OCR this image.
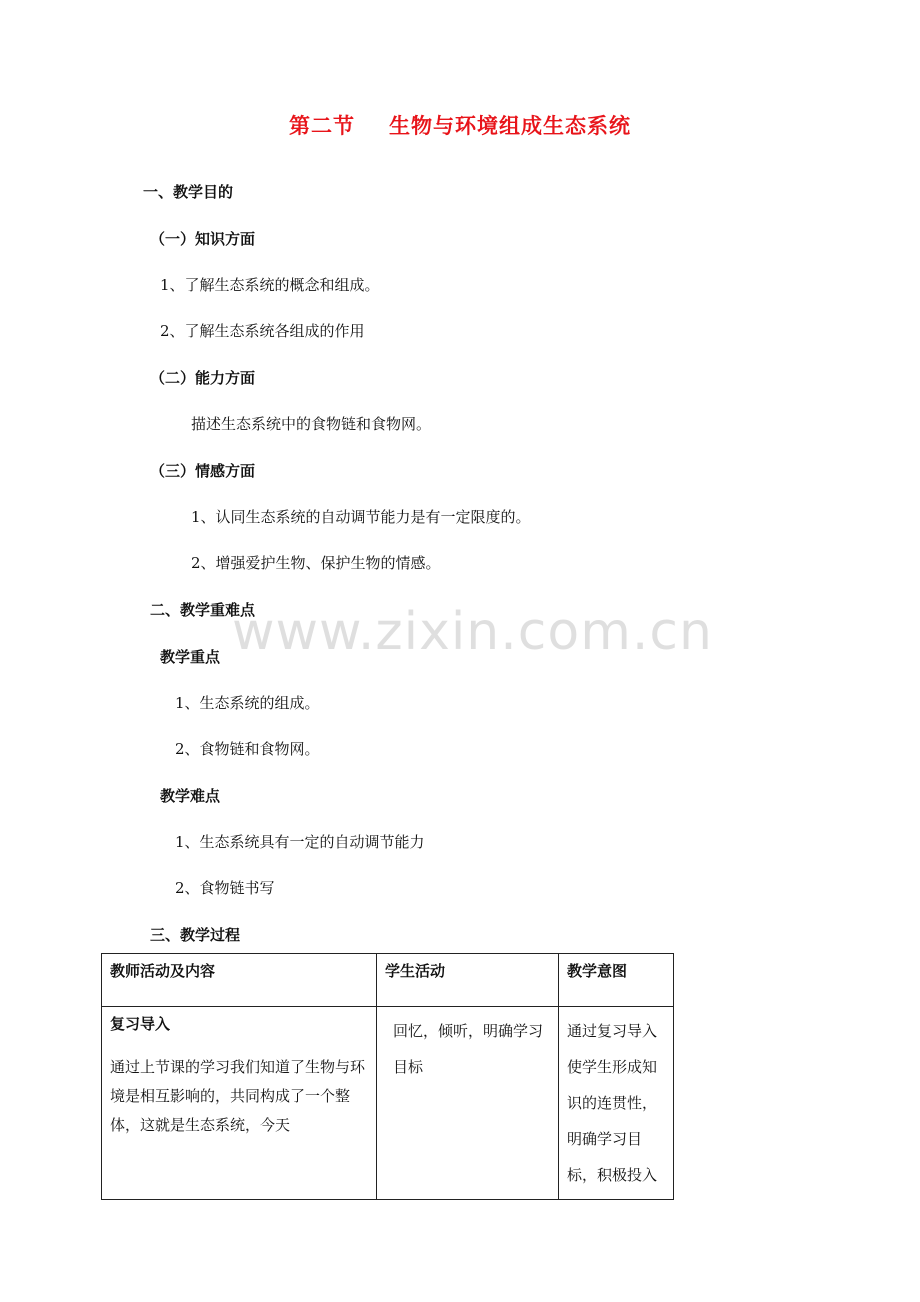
第二节 生物与环境组成生态系统
一、教学目的
（一）知识方面
1、了解生态系统的概念和组成。
2、了解生态系统各组成的作用
（二）能力方面
描述生态系统中的食物链和食物网。
（三）情感方面
1、认同生态系统的自动调节能力是有一定限度的。
2、增强爱护生物、保护生物的情感。
二、教学重难点
www.zixin.com.cn
教学重点
1、生态系统的组成。
2、食物链和食物网。
教学难点
1、生态系统具有一定的自动调节能力
2、食物链书写
三、教学过程
教师活动及内容	学生活动	教学意图

复习导入
通过上节课的学习我们知道了生物与环境是相互影响的，共同构成了一个整体，这就是生态系统，今天	回忆，倾听，明确学习目标	通过复习导入使学生形成知识的连贯性，明确学习目标，积极投入
